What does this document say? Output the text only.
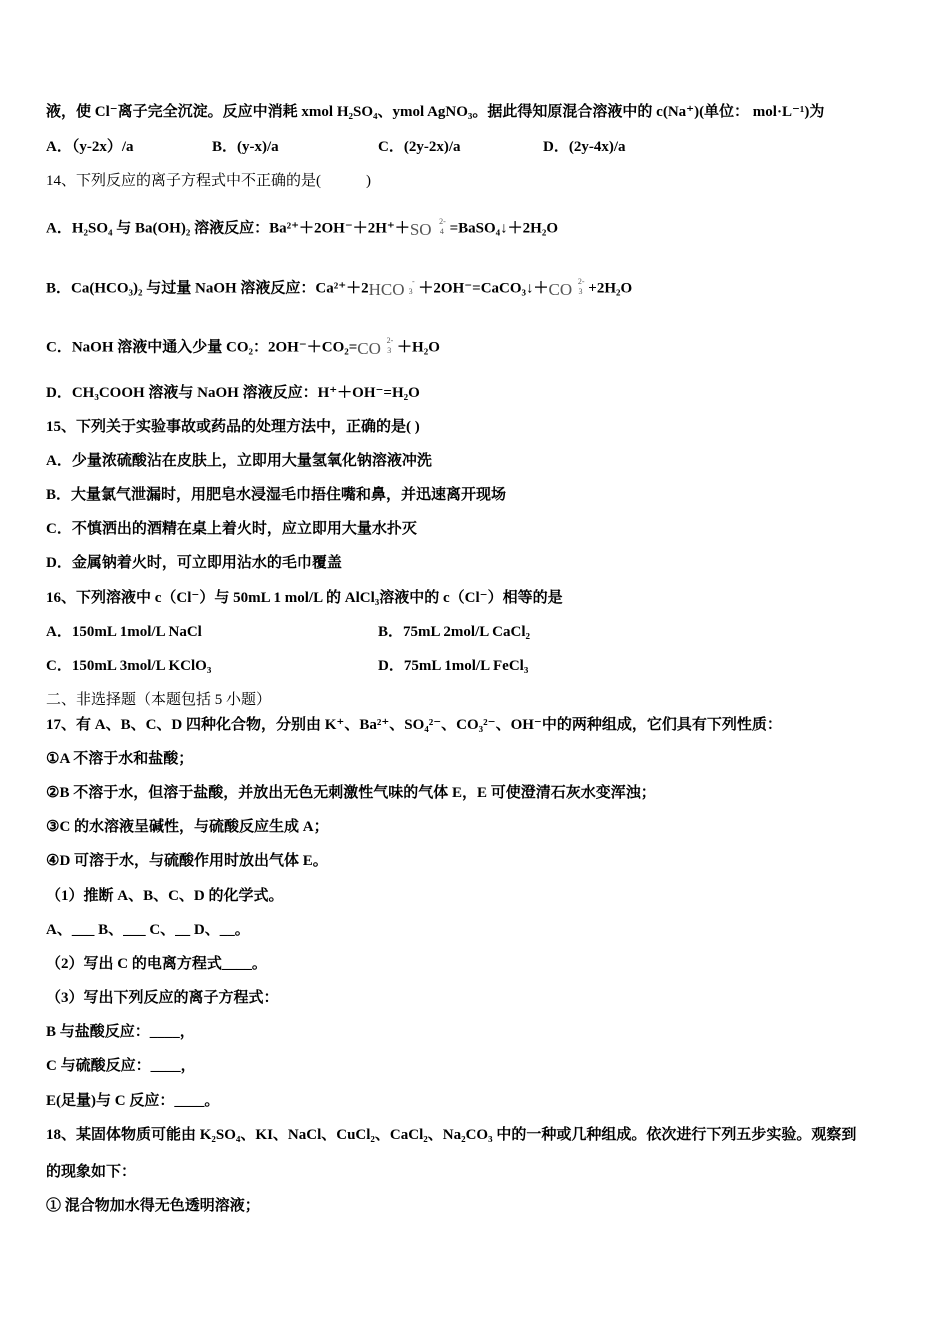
液，使 Cl⁻离子完全沉淀。反应中消耗 xmol H₂SO₄、ymol AgNO₃。据此得知原混合溶液中的 c(Na⁺)(单位： mol·L⁻¹)为
A．（y-2x）/a	B．(y-x)/a	C．(2y-2x)/a	D．(2y-4x)/a
14、下列反应的离子方程式中不正确的是(　　　)
A．H₂SO₄ 与 Ba(OH)₂ 溶液反应：Ba²⁺＋2OH⁻＋2H⁺＋ SO 2-
4 =BaSO₄↓＋2H₂O
B．Ca(HCO₃)₂ 与过量 NaOH 溶液反应：Ca²⁺＋2 HCO -
3 ＋2OH⁻=CaCO₃↓＋ CO 2-
3 +2H₂O
C．NaOH 溶液中通入少量 CO₂：2OH⁻＋CO₂= CO 2-
3 ＋H₂O
D．CH₃COOH 溶液与 NaOH 溶液反应：H⁺＋OH⁻=H₂O
15、下列关于实验事故或药品的处理方法中，正确的是( )
A．少量浓硫酸沾在皮肤上，立即用大量氢氧化钠溶液冲洗
B．大量氯气泄漏时，用肥皂水浸湿毛巾捂住嘴和鼻，并迅速离开现场
C．不慎洒出的酒精在桌上着火时，应立即用大量水扑灭
D．金属钠着火时，可立即用沾水的毛巾覆盖
16、下列溶液中 c（Cl⁻）与 50mL 1 mol/L 的 AlCl₃溶液中的 c（Cl⁻）相等的是
A．150mL 1mol/L NaCl	B．75mL 2mol/L CaCl₂
C．150mL 3mol/L KClO₃	D．75mL 1mol/L FeCl₃
二、非选择题（本题包括 5 小题）
17、有 A、B、C、D 四种化合物，分别由 K⁺、Ba²⁺、SO₄²⁻、CO₃²⁻、OH⁻中的两种组成，它们具有下列性质：
①A 不溶于水和盐酸；
②B 不溶于水，但溶于盐酸，并放出无色无刺激性气味的气体 E，E 可使澄清石灰水变浑浊；
③C 的水溶液呈碱性，与硫酸反应生成 A；
④D 可溶于水，与硫酸作用时放出气体 E。
（1）推断 A、B、C、D 的化学式。
A、___ B、___ C、__ D、__。
（2）写出 C 的电离方程式____。
（3）写出下列反应的离子方程式：
B 与盐酸反应：____，
C 与硫酸反应：____，
E(足量)与 C 反应：____。
18、某固体物质可能由 K₂SO₄、KI、NaCl、CuCl₂、CaCl₂、Na₂CO₃ 中的一种或几种组成。依次进行下列五步实验。观察到
的现象如下：
① 混合物加水得无色透明溶液；
